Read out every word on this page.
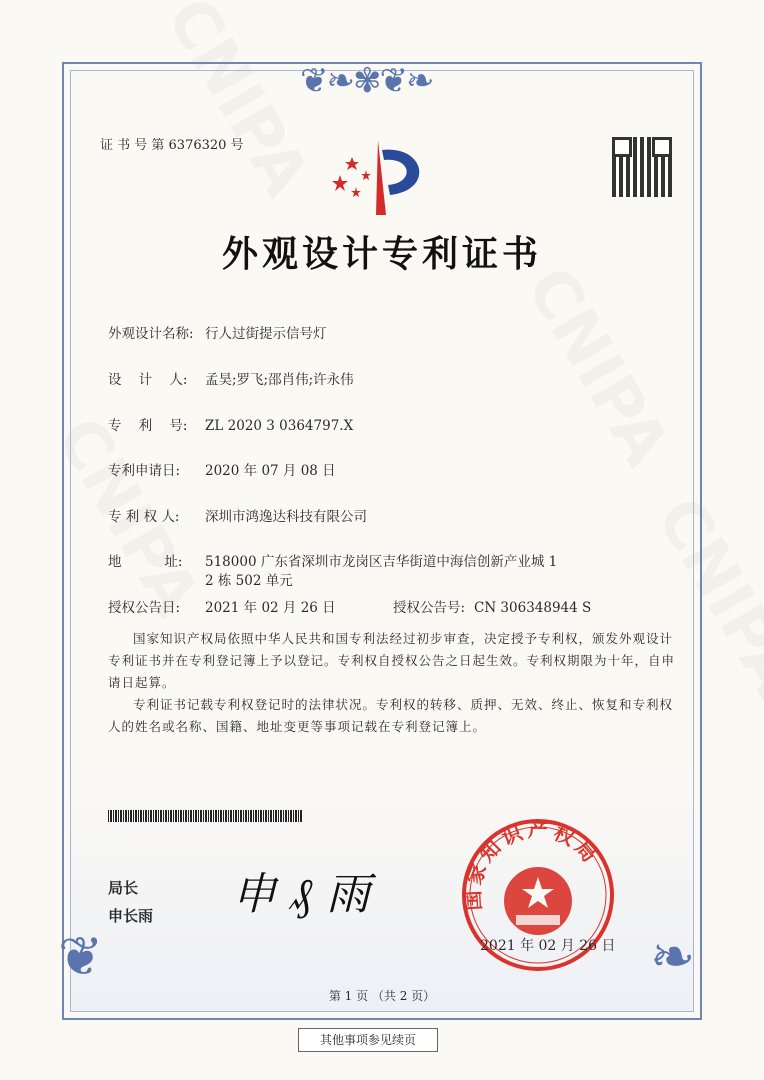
❦❧✾❦❧
❦	❧
证 书 号 第 6376320 号
外观设计专利证书
外观设计名称: 行人过街提示信号灯
设    计    人: 孟昊;罗飞;邵肖伟;许永伟
专    利    号: ZL 2020 3 0364797.X
专利申请日: 2020 年 07 月 08 日
专 利 权 人: 深圳市鸿逸达科技有限公司
地          址: 518000 广东省深圳市龙岗区吉华街道中海信创新产业城 1
2 栋 502 单元
授权公告日: 2021 年 02 月 26 日	授权公告号: CN 306348944 S
国家知识产权局依照中华人民共和国专利法经过初步审查，决定授予专利权，颁发外观设计专利证书并在专利登记簿上予以登记。专利权自授权公告之日起生效。专利权期限为十年，自申请日起算。
专利证书记载专利权登记时的法律状况。专利权的转移、质押、无效、终止、恢复和专利权人的姓名或名称、国籍、地址变更等事项记载在专利登记簿上。
局长
申长雨 申 ₰ 雨	国家知识产权局
2021 年 02 月 26 日
第 1 页 （共 2 页）
其他事项参见续页
